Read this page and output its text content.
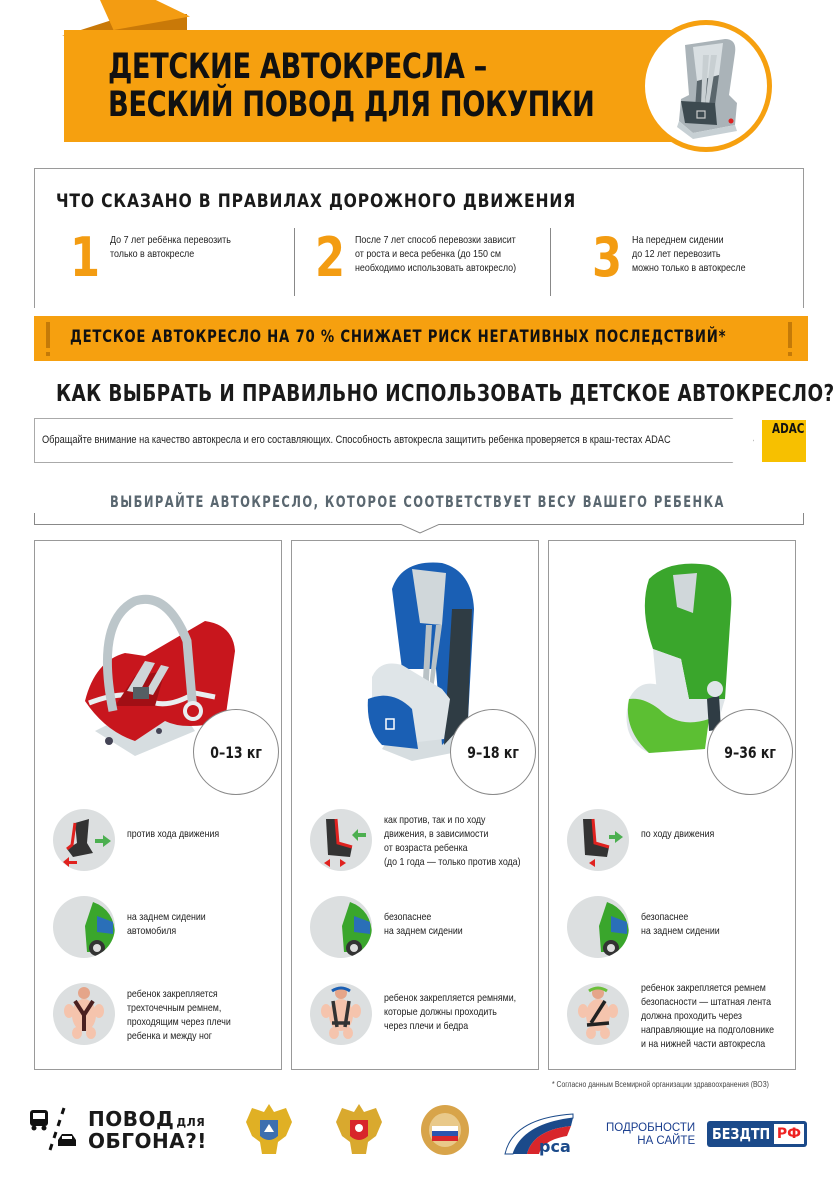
ДЕТСКИЕ АВТОКРЕСЛА –
ВЕСКИЙ ПОВОД ДЛЯ ПОКУПКИ
ЧТО СКАЗАНО В ПРАВИЛАХ ДОРОЖНОГО ДВИЖЕНИЯ
1 До 7 лет ребёнка перевозить
только в автокресле	2 После 7 лет способ перевозки зависит
от роста и веса ребенка (до 150 см
необходимо использовать автокресло) 3 На переднем сидении
до 12 лет перевозить
можно только в автокресле
ДЕТСКОЕ АВТОКРЕСЛО НА 70 % СНИЖАЕТ РИСК НЕГАТИВНЫХ ПОСЛЕДСТВИЙ*
КАК ВЫБРАТЬ И ПРАВИЛЬНО ИСПОЛЬЗОВАТЬ ДЕТСКОЕ АВТОКРЕСЛО?
Обращайте внимание на качество автокресла и его составляющих. Способность автокресла защитить ребенка проверяется в краш-тестах ADAC
ADAC
ВЫБИРАЙТЕ АВТОКРЕСЛО, КОТОРОЕ СООТВЕТСТВУЕТ ВЕСУ ВАШЕГО РЕБЕНКА
0–13 кг
против хода движения
на заднем сидении
автомобиля
ребенок закрепляется
трехточечным ремнем,
проходящим через плечи
ребенка и между ног
9–18 кг
как против, так и по ходу
движения, в зависимости
от возраста ребенка
(до 1 года — только против хода)
безопаснее
на заднем сидении
ребенок закрепляется ремнями,
которые должны проходить
через плечи и бедра
9–36 кг
по ходу движения
безопаснее
на заднем сидении
ребенок закрепляется ремнем
безопасности — штатная лента
должна проходить через
направляющие на подголовнике
и на нижней части автокресла
* Согласно данным Всемирной организации здравоохранения (ВОЗ)
ПОВОД ДЛЯ
ОБГОНА?!	рса
ПОДРОБНОСТИ
НА САЙТЕ БЕЗДТП РФ
